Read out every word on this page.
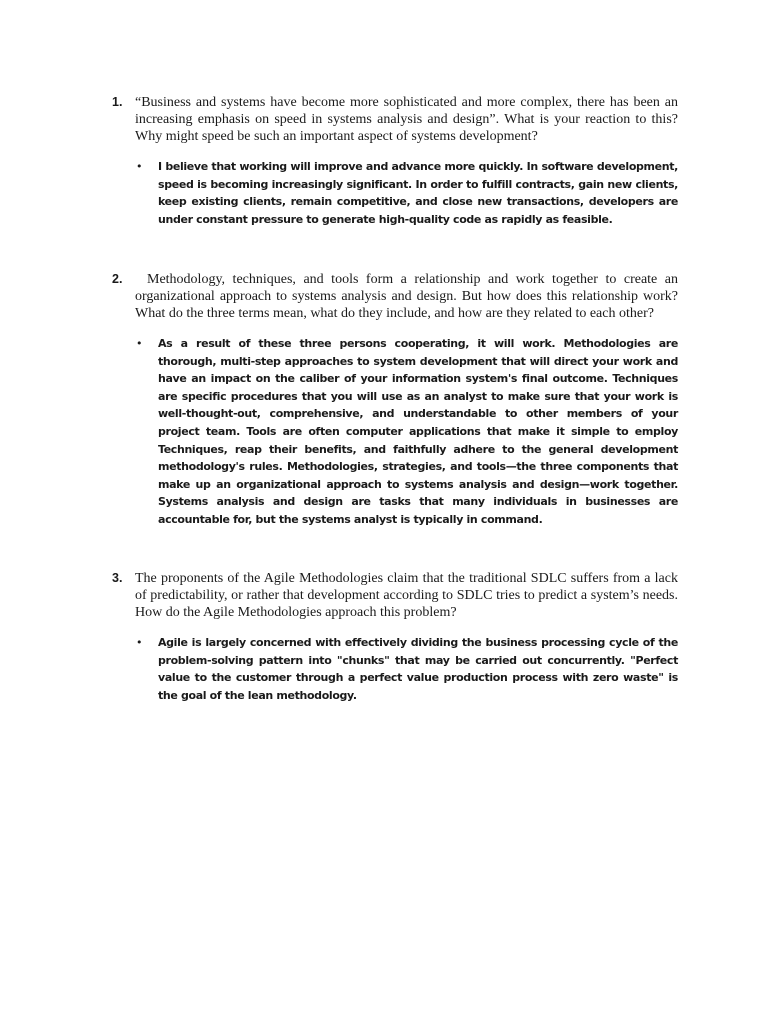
1. “Business and systems have become more sophisticated and more complex, there has been an increasing emphasis on speed in systems analysis and design”. What is your reaction to this? Why might speed be such an important aspect of systems development?
• I believe that working will improve and advance more quickly. In software development, speed is becoming increasingly significant. In order to fulfill contracts, gain new clients, keep existing clients, remain competitive, and close new transactions, developers are under constant pressure to generate high-quality code as rapidly as feasible.
2.	Methodology, techniques, and tools form a relationship and work together to create an organizational approach to systems analysis and design. But how does this relationship work? What do the three terms mean, what do they include, and how are they related to each other?
• As a result of these three persons cooperating, it will work. Methodologies are thorough, multi-step approaches to system development that will direct your work and have an impact on the caliber of your information system's final outcome. Techniques are specific procedures that you will use as an analyst to make sure that your work is well-thought-out, comprehensive, and understandable to other members of your project team. Tools are often computer applications that make it simple to employ Techniques, reap their benefits, and faithfully adhere to the general development methodology's rules. Methodologies, strategies, and tools—the three components that make up an organizational approach to systems analysis and design—work together. Systems analysis and design are tasks that many individuals in businesses are accountable for, but the systems analyst is typically in command.
3. The proponents of the Agile Methodologies claim that the traditional SDLC suffers from a lack of predictability, or rather that development according to SDLC tries to predict a system’s needs. How do the Agile Methodologies approach this problem?
• Agile is largely concerned with effectively dividing the business processing cycle of the problem-solving pattern into "chunks" that may be carried out concurrently. "Perfect value to the customer through a perfect value production process with zero waste" is the goal of the lean methodology.
